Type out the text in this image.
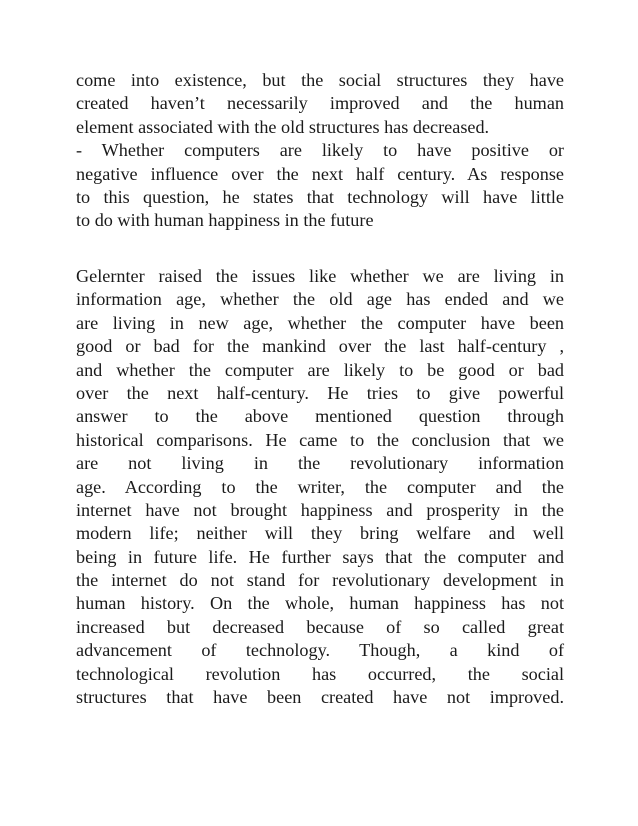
come into existence, but the social structures they have
created haven’t necessarily improved and the human
element associated with the old structures has decreased.
- Whether computers are likely to have positive or
negative influence over the next half century. As response
to this question, he states that technology will have little
to do with human happiness in the future
Gelernter raised the issues like whether we are living in
information age, whether the old age has ended and we
are living in new age, whether the computer have been
good or bad for the mankind over the last half-century ,
and whether the computer are likely to be good or bad
over the next half-century. He tries to give powerful
answer to the above mentioned question through
historical comparisons. He came to the conclusion that we
are not living in the revolutionary information
age. According to the writer, the computer and the
internet have not brought happiness and prosperity in the
modern life; neither will they bring welfare and well
being in future life. He further says that the computer and
the internet do not stand for revolutionary development in
human history. On the whole, human happiness has not
increased but decreased because of so called great
advancement of technology. Though, a kind of
technological revolution has occurred, the social
structures that have been created have not improved.
